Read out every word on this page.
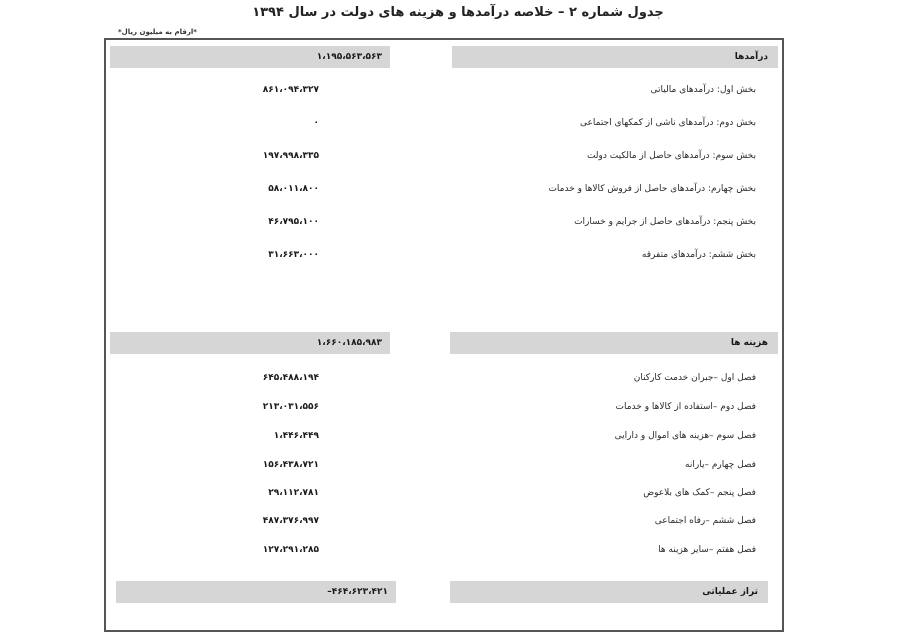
جدول شماره ۲ – خلاصه درآمدها و هزینه های دولت در سال ۱۳۹۴
*ارقام به میلیون ریال*
درآمدها
۱،۱۹۵،۵۶۳،۵۶۳
بخش اول: درآمدهای مالیاتی
۸۶۱،۰۹۴،۳۲۷
بخش دوم: درآمدهای ناشی از کمکهای اجتماعی
۰
بخش سوم: درآمدهای حاصل از مالکیت دولت
۱۹۷،۹۹۸،۳۳۵
بخش چهارم: درآمدهای حاصل از فروش کالاها و خدمات
۵۸،۰۱۱،۸۰۰
بخش پنجم: درآمدهای حاصل از جرایم و خسارات
۴۶،۷۹۵،۱۰۰
بخش ششم: درآمدهای متفرقه
۳۱،۶۶۳،۰۰۰
هزینه ها
۱،۶۶۰،۱۸۵،۹۸۳
فصل اول –جبران خدمت کارکنان
۶۴۵،۴۸۸،۱۹۴
فصل دوم –استفاده از کالاها و خدمات
۲۱۳،۰۳۱،۵۵۶
فصل سوم –هزینه های اموال و دارایی
۱،۴۴۶،۴۴۹
فصل چهارم –یارانه
۱۵۶،۴۳۸،۷۲۱
فصل پنجم –کمک های بلاعوض
۲۹،۱۱۲،۷۸۱
فصل ششم –رفاه اجتماعی
۴۸۷،۳۷۶،۹۹۷
فصل هفتم –سایر هزینه ها
۱۲۷،۲۹۱،۲۸۵
تراز عملیاتی
–۴۶۴،۶۲۳،۴۲۱
